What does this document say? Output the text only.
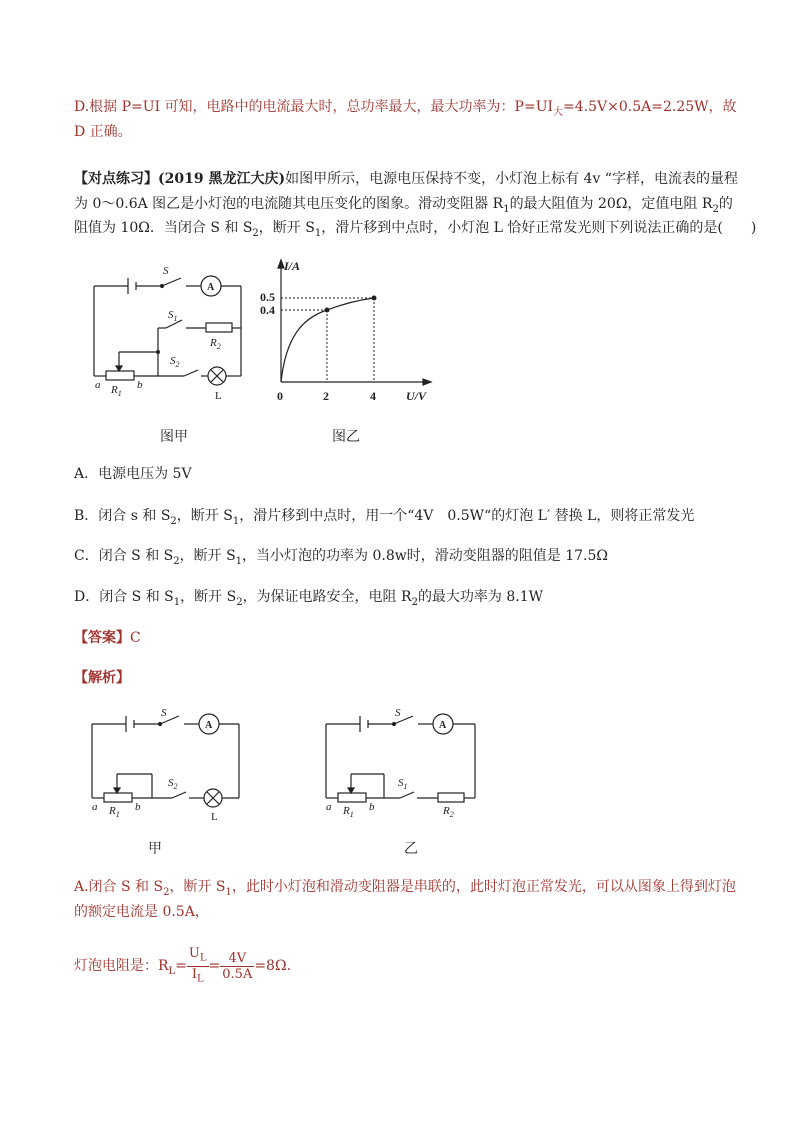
D.根据 P=UI 可知，电路中的电流最大时，总功率最大，最大功率为：$P=UI_大=4.5V\times 0.5A=2.25W$，故
D 正确。
【对点练习】(2019 黑龙江大庆)如图甲所示，电源电压保持不变，小灯泡上标有 4v “字样，电流表的量程
为 0～0.6A 图乙是小灯泡的电流随其电压变化的图象。滑动变阻器 $R_1$的最大阻值为 20Ω，定值电阻 $R_2$的
阻值为 10Ω．当闭合 S 和 $S_2$，断开 $S_1$，滑片移到中点时，小灯泡 L 恰好正常发光则下列说法正确的是(　　)
S
$S_1$
$S_2$
$R_2$
$R_1$
a	b
L
A
图甲
I/A
0.5
0.4
0	2	4	U/V
图乙
A．电源电压为 5V
B．闭合 s 和 $S_2$，断开 $S_1$，滑片移到中点时，用一个“4V　0.5W“的灯泡 L′ 替换 L，则将正常发光
C．闭合 S 和 $S_2$，断开 $S_1$，当小灯泡的功率为 0.8w时，滑动变阻器的阻值是 17.5Ω
D．闭合 S 和 $S_1$，断开 $S_2$，为保证电路安全，电阻 $R_2$的最大功率为 8.1W
【答案】C
【解析】
S
$S_2$
$R_1$
a	b
L
A
甲
S
$S_1$
$R_2$
$R_1$
a	b
A
乙
A.闭合 S 和 $S_2$，断开 $S_1$，此时小灯泡和滑动变阻器是串联的，此时灯泡正常发光，可以从图象上得到灯泡
的额定电流是 0.5A，
灯泡电阻是：$R_L= \frac{U_L}{I_L} = \frac{4V}{0.5A} =8\Omega$．
